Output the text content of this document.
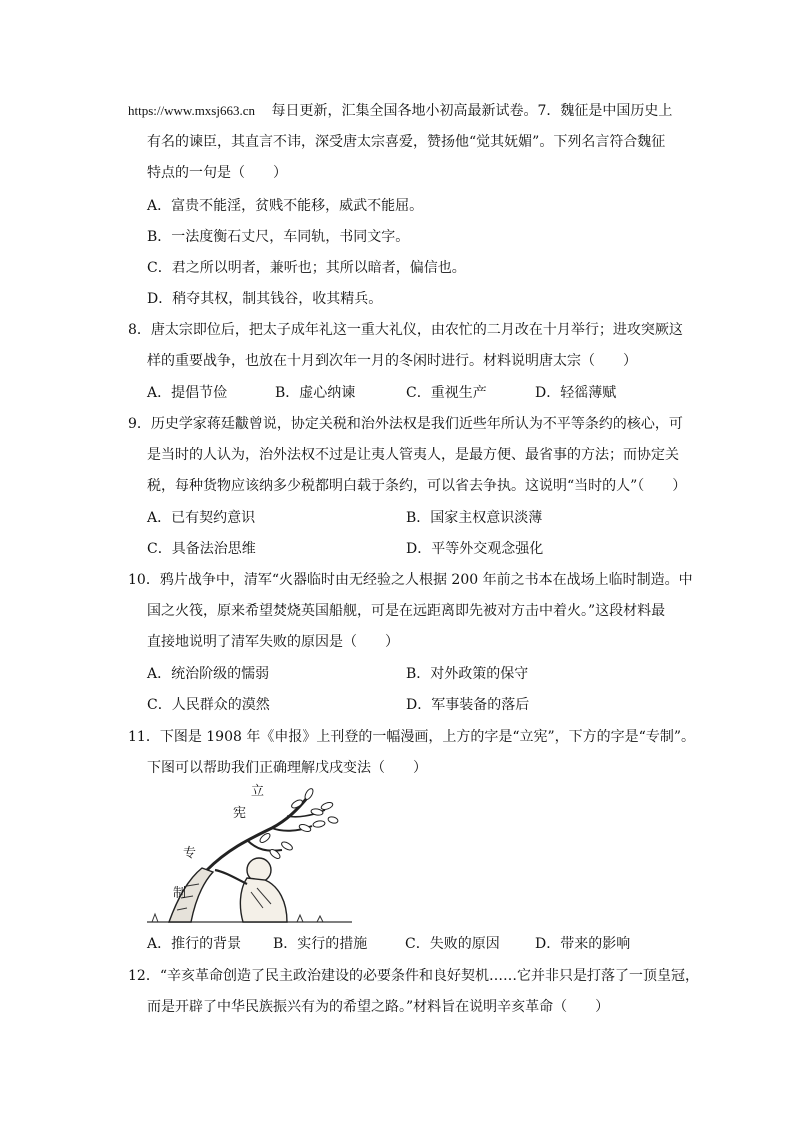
https://www.mxsj663.cn 每日更新，汇集全国各地小初高最新试卷。7．魏征是中国历史上
有名的谏臣，其直言不讳，深受唐太宗喜爱，赞扬他“觉其妩媚”。下列名言符合魏征
特点的一句是（　　）
A．富贵不能淫，贫贱不能移，威武不能屈。
B．一法度衡石丈尺，车同轨，书同文字。
C．君之所以明者，兼听也；其所以暗者，偏信也。
D．稍夺其权，制其钱谷，收其精兵。
8．唐太宗即位后，把太子成年礼这一重大礼仪，由农忙的二月改在十月举行；进攻突厥这
样的重要战争，也放在十月到次年一月的冬闲时进行。材料说明唐太宗（　　）
A．提倡节俭	B．虚心纳谏	C．重视生产	D．轻徭薄赋
9．历史学家蒋廷黻曾说，协定关税和治外法权是我们近些年所认为不平等条约的核心，可
是当时的人认为，治外法权不过是让夷人管夷人，是最方便、最省事的方法；而协定关
税，每种货物应该纳多少税都明白载于条约，可以省去争执。这说明“当时的人”（　　）
A．已有契约意识	B．国家主权意识淡薄
C．具备法治思维	D．平等外交观念强化
10．鸦片战争中，清军“火器临时由无经验之人根据 200 年前之书本在战场上临时制造。中
国之火筏，原来希望焚烧英国船舰，可是在远距离即先被对方击中着火。”这段材料最
直接地说明了清军失败的原因是（　　）
A．统治阶级的懦弱	B．对外政策的保守
C．人民群众的漠然	D．军事装备的落后
11．下图是 1908 年《申报》上刊登的一幅漫画，上方的字是“立宪”，下方的字是“专制”。
下图可以帮助我们正确理解戊戌变法（　　）
立
宪
专
制
A．推行的背景 B．实行的措施	C．失败的原因	D．带来的影响
12．“辛亥革命创造了民主政治建设的必要条件和良好契机……它并非只是打落了一顶皇冠，
而是开辟了中华民族振兴有为的希望之路。”材料旨在说明辛亥革命（　　）
